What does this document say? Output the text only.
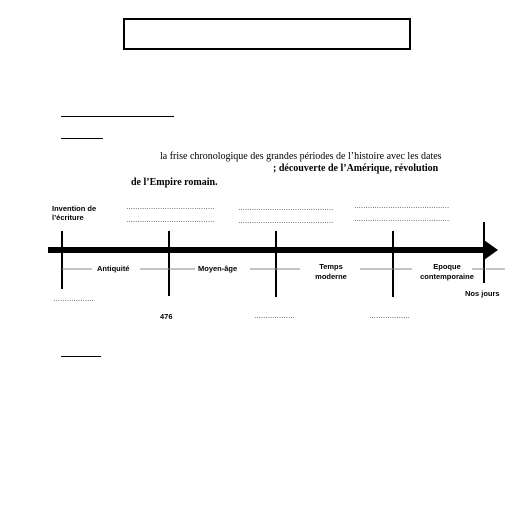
la frise chronologique des grandes périodes de l’histoire avec les dates
; découverte de l’Amérique, révolution
de l’Empire romain.
Invention de
l’écriture
…………………………………
…………………………………
……………………………………
……………………………………
……………………………………
……………………………………
Antiquité	Moyen-âge	Temps
moderne
Epoque
contemporaine
Nos jours
………………
476	………………	………………
